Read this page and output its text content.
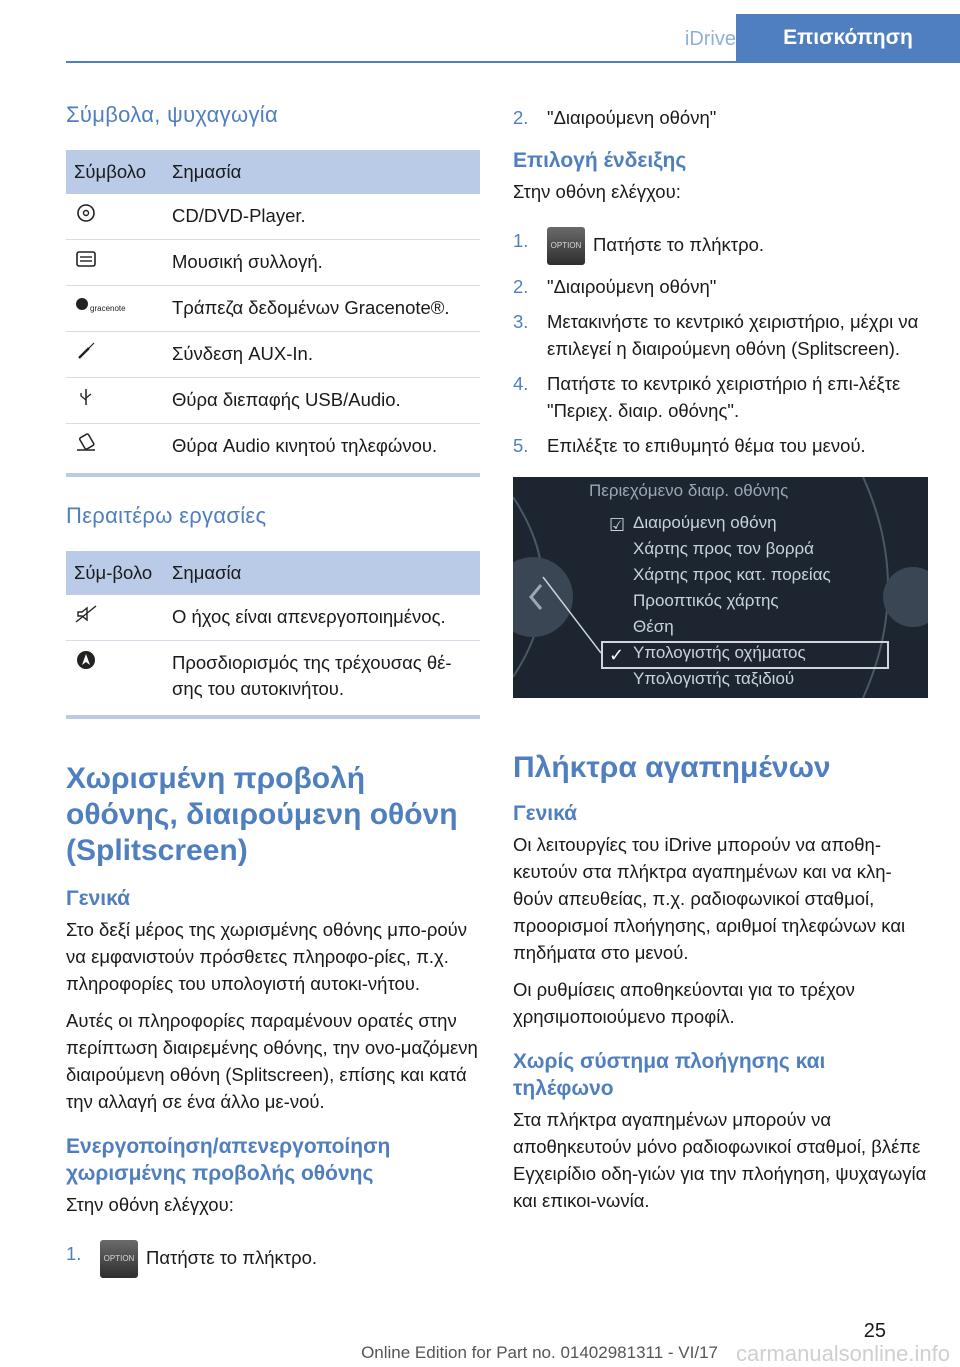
iDrive	Επισκόπηση
Σύμβολα, ψυχαγωγία
Σύμβολο	Σημασία
	CD/DVD-Player.
	Μουσική συλλογή.

gracenote	Τράπεζα δεδομένων Gracenote®.
	Σύνδεση AUX-In.
	Θύρα διεπαφής USB/Audio.
	Θύρα Audio κινητού τηλεφώνου.
Περαιτέρω εργασίες
Σύμ-βολο	Σημασία
	Ο ήχος είναι απενεργοποιημένος.
	Προσδιορισμός της τρέχουσας θέ-σης του αυτοκινήτου.
Χωρισμένη προβολή οθόνης, διαιρούμενη οθόνη (Splitscreen)
Γενικά

Στο δεξί μέρος της χωρισμένης οθόνης μπο-ρούν να εμφανιστούν πρόσθετες πληροφο-ρίες, π.χ. πληροφορίες του υπολογιστή αυτοκι-νήτου.

Αυτές οι πληροφορίες παραμένουν ορατές στην περίπτωση διαιρεμένης οθόνης, την ονο-μαζόμενη διαιρούμενη οθόνη (Splitscreen), επίσης και κατά την αλλαγή σε ένα άλλο με-νού.

Ενεργοποίηση/απενεργοποίηση χωρισμένης προβολής οθόνης

Στην οθόνη ελέγχου:

1.	OPTION Πατήστε το πλήκτρο.
2. "Διαιρούμενη οθόνη"
Επιλογή ένδειξης

Στην οθόνη ελέγχου:

1.	OPTION Πατήστε το πλήκτρο.
2. "Διαιρούμενη οθόνη"
3. Μετακινήστε το κεντρικό χειριστήριο, μέχρι να επιλεγεί η διαιρούμενη οθόνη (Splitscreen).
4. Πατήστε το κεντρικό χειριστήριο ή επι-λέξτε "Περιεχ. διαιρ. οθόνης".
5. Επιλέξτε το επιθυμητό θέμα του μενού.
☑
✓
Περιεχόμενο διαιρ. οθόνης
Διαιρούμενη οθόνη
Χάρτης προς τον βορρά
Χάρτης προς κατ. πορείας
Προοπτικός χάρτης
Θέση
Υπολογιστής οχήματος
Υπολογιστής ταξιδιού
Πλήκτρα αγαπημένων
Γενικά

Οι λειτουργίες του iDrive μπορούν να αποθη-κευτούν στα πλήκτρα αγαπημένων και να κλη-θούν απευθείας, π.χ. ραδιοφωνικοί σταθμοί, προορισμοί πλοήγησης, αριθμοί τηλεφώνων και πηδήματα στο μενού.

Οι ρυθμίσεις αποθηκεύονται για το τρέχον χρησιμοποιούμενο προφίλ.

Χωρίς σύστημα πλοήγησης και τηλέφωνο

Στα πλήκτρα αγαπημένων μπορούν να αποθηκευτούν μόνο ραδιοφωνικοί σταθμοί, βλέπε Εγχειρίδιο οδη-γιών για την πλοήγηση, ψυχαγωγία και επικοι-νωνία.

25
Online Edition for Part no. 01402981311 - VI/17 carmanualsonline.info
